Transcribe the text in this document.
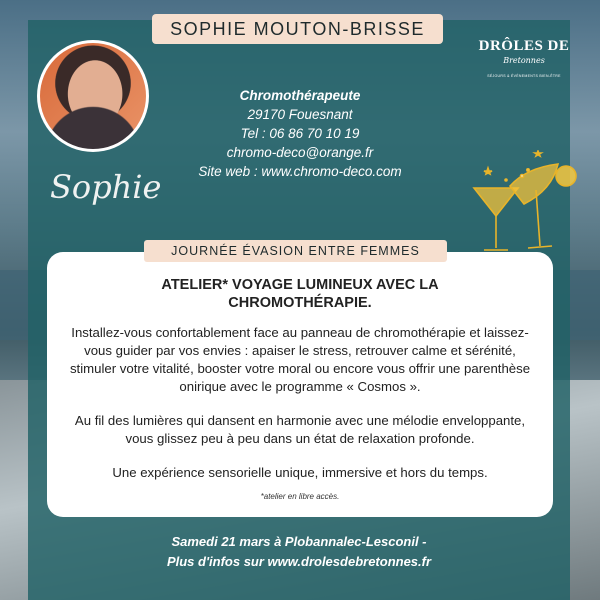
SOPHIE MOUTON-BRISSE
DRÔLES DE
Bretonnes
SÉJOURS & ÉVÉNEMENTS BIEN-ÊTRE
Sophie
Chromothérapeute
29170 Fouesnant
Tel : 06 86 70 10 19
chromo-deco@orange.fr
Site web : www.chromo-deco.com
ATELIER* VOYAGE LUMINEUX AVEC LA CHROMOTHÉRAPIE.

Installez-vous confortablement face au panneau de chromothérapie et laissez-vous guider par vos envies : apaiser le stress, retrouver calme et sérénité, stimuler votre vitalité, booster votre moral ou encore vous offrir une parenthèse onirique avec le programme « Cosmos ».

Au fil des lumières qui dansent en harmonie avec une mélodie enveloppante, vous glissez peu à peu dans un état de relaxation profonde.

Une expérience sensorielle unique, immersive et hors du temps.

*atelier en libre accès.
JOURNÉE ÉVASION ENTRE FEMMES
Samedi 21 mars à Plobannalec-Lesconil -
Plus d'infos sur www.drolesdebretonnes.fr
